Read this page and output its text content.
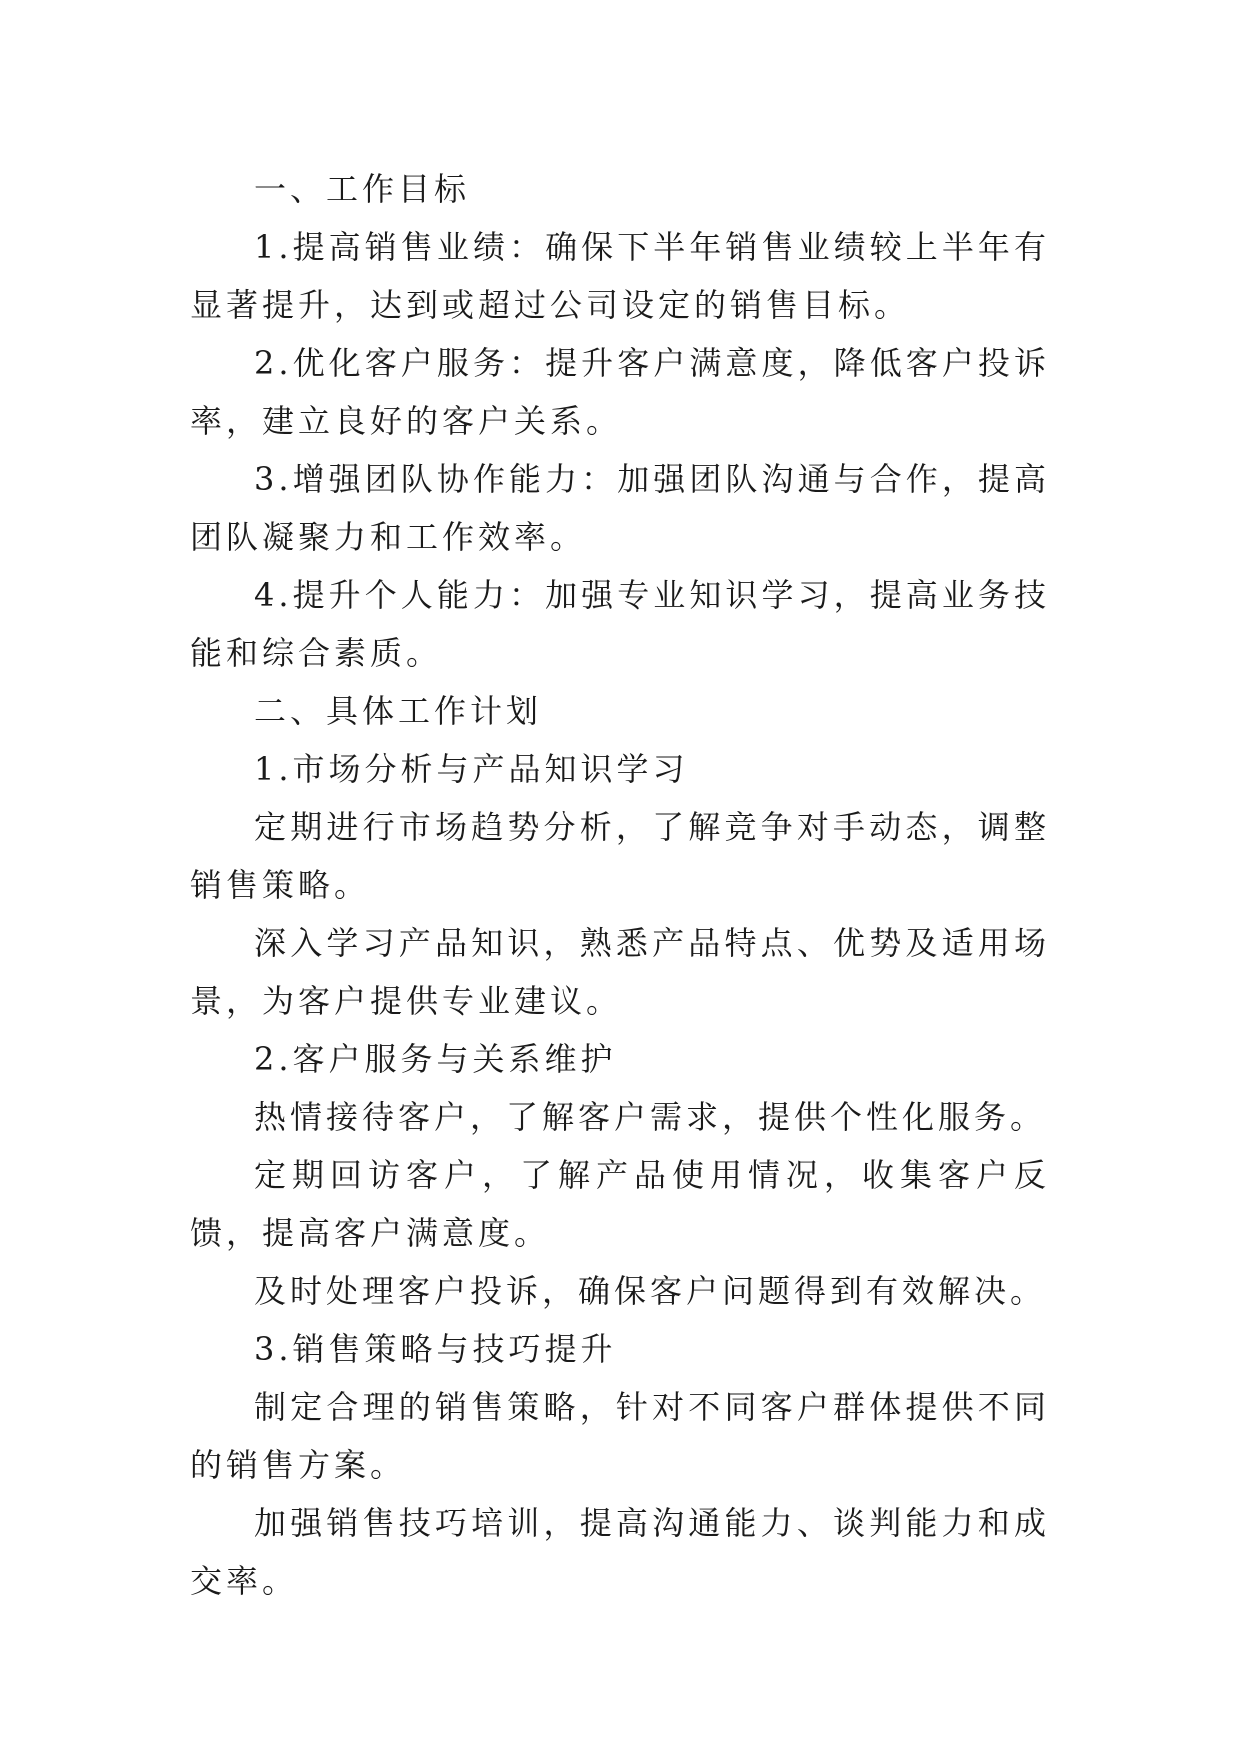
一、工作目标

1.提高销售业绩：确保下半年销售业绩较上半年有显著提升，达到或超过公司设定的销售目标。

2.优化客户服务：提升客户满意度，降低客户投诉率，建立良好的客户关系。

3.增强团队协作能力：加强团队沟通与合作，提高团队凝聚力和工作效率。

4.提升个人能力：加强专业知识学习，提高业务技能和综合素质。

二、具体工作计划

1.市场分析与产品知识学习

定期进行市场趋势分析，了解竞争对手动态，调整销售策略。

深入学习产品知识，熟悉产品特点、优势及适用场景，为客户提供专业建议。

2.客户服务与关系维护

热情接待客户，了解客户需求，提供个性化服务。

定期回访客户，了解产品使用情况，收集客户反馈，提高客户满意度。

及时处理客户投诉，确保客户问题得到有效解决。

3.销售策略与技巧提升

制定合理的销售策略，针对不同客户群体提供不同的销售方案。

加强销售技巧培训，提高沟通能力、谈判能力和成交率。
